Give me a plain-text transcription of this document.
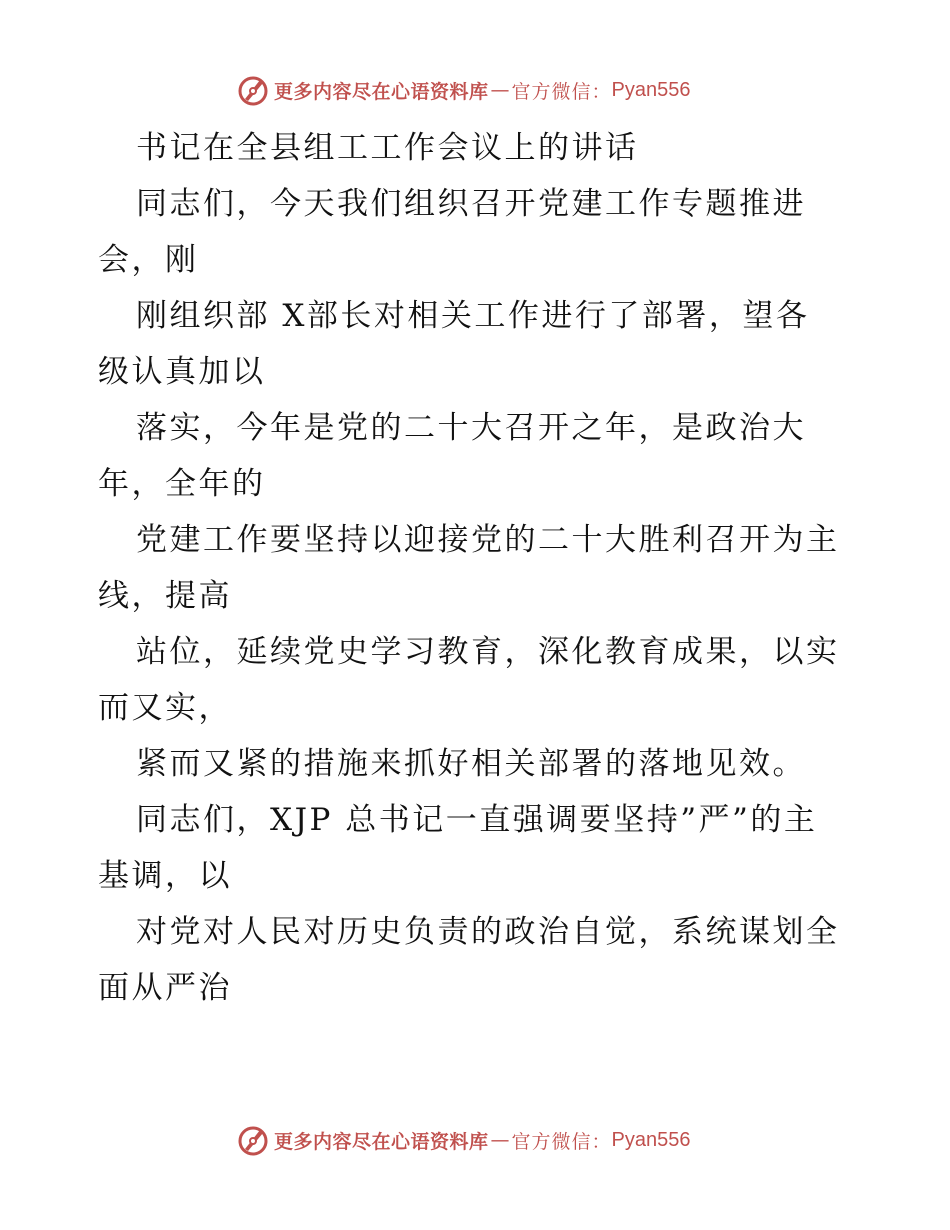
更多内容尽在心语资料库 — 官方微信： Pyan556
书记在全县组工工作会议上的讲话
同志们，今天我们组织召开党建工作专题推进
会，刚
刚组织部 X部长对相关工作进行了部署，望各
级认真加以
落实，今年是党的二十大召开之年，是政治大
年，全年的
党建工作要坚持以迎接党的二十大胜利召开为主
线，提高
站位，延续党史学习教育，深化教育成果，以实
而又实，
紧而又紧的措施来抓好相关部署的落地见效。
同志们，XJP 总书记一直强调要坚持”严”的主
基调，以
对党对人民对历史负责的政治自觉，系统谋划全
面从严治
更多内容尽在心语资料库 — 官方微信： Pyan556
